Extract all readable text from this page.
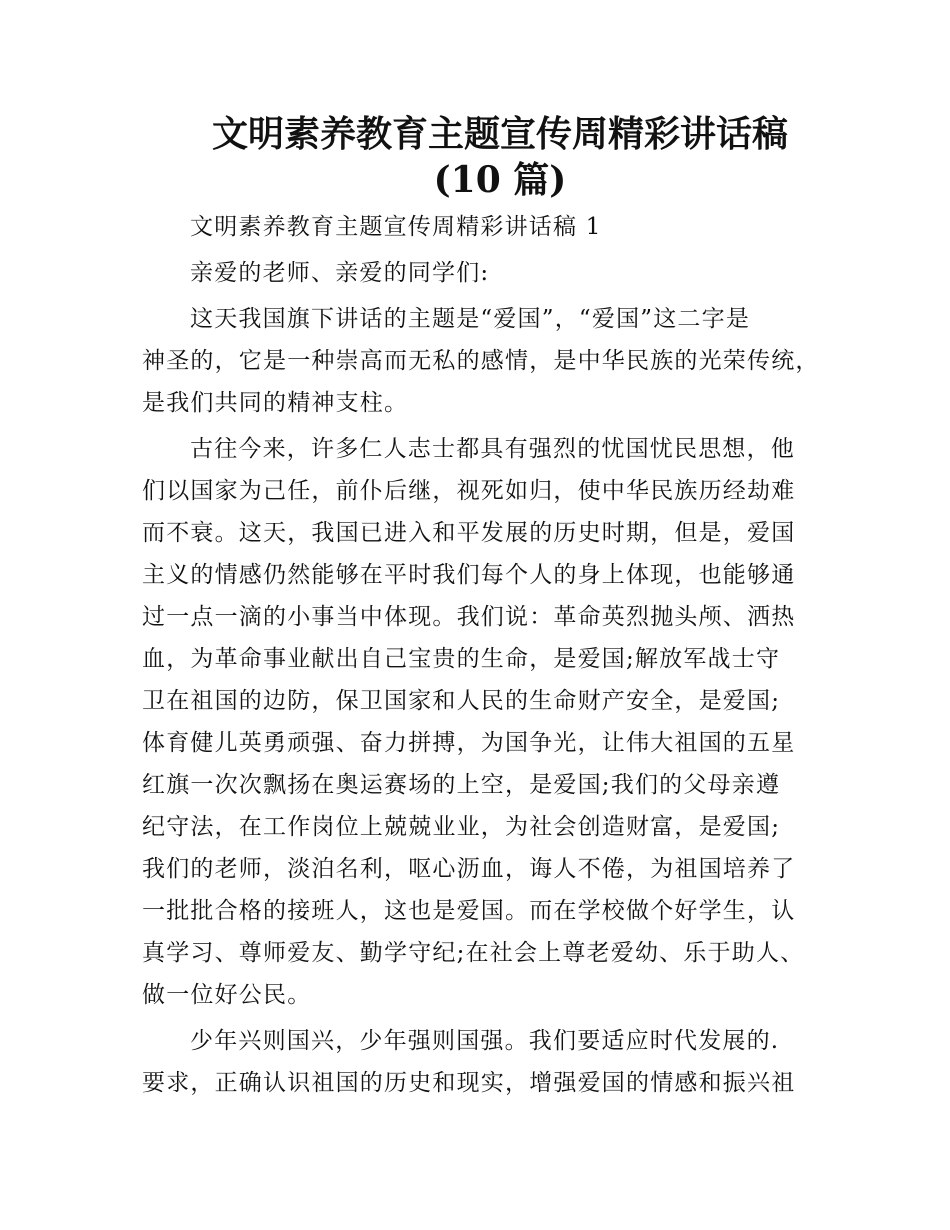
文明素养教育主题宣传周精彩讲话稿
(10 篇)
文明素养教育主题宣传周精彩讲话稿 1
亲爱的老师、亲爱的同学们:
这天我国旗下讲话的主题是“爱国”，“爱国”这二字是
神圣的，它是一种崇高而无私的感情，是中华民族的光荣传统，
是我们共同的精神支柱。
古往今来，许多仁人志士都具有强烈的忧国忧民思想，他
们以国家为己任，前仆后继，视死如归，使中华民族历经劫难
而不衰。这天，我国已进入和平发展的历史时期，但是，爱国
主义的情感仍然能够在平时我们每个人的身上体现，也能够通
过一点一滴的小事当中体现。我们说：革命英烈抛头颅、洒热
血，为革命事业献出自己宝贵的生命，是爱国;解放军战士守
卫在祖国的边防，保卫国家和人民的生命财产安全，是爱国;
体育健儿英勇顽强、奋力拼搏，为国争光，让伟大祖国的五星
红旗一次次飘扬在奥运赛场的上空，是爱国;我们的父母亲遵
纪守法，在工作岗位上兢兢业业，为社会创造财富，是爱国;
我们的老师，淡泊名利，呕心沥血，诲人不倦，为祖国培养了
一批批合格的接班人，这也是爱国。而在学校做个好学生，认
真学习、尊师爱友、勤学守纪;在社会上尊老爱幼、乐于助人、
做一位好公民。
少年兴则国兴，少年强则国强。我们要适应时代发展的.
要求，正确认识祖国的历史和现实，增强爱国的情感和振兴祖
